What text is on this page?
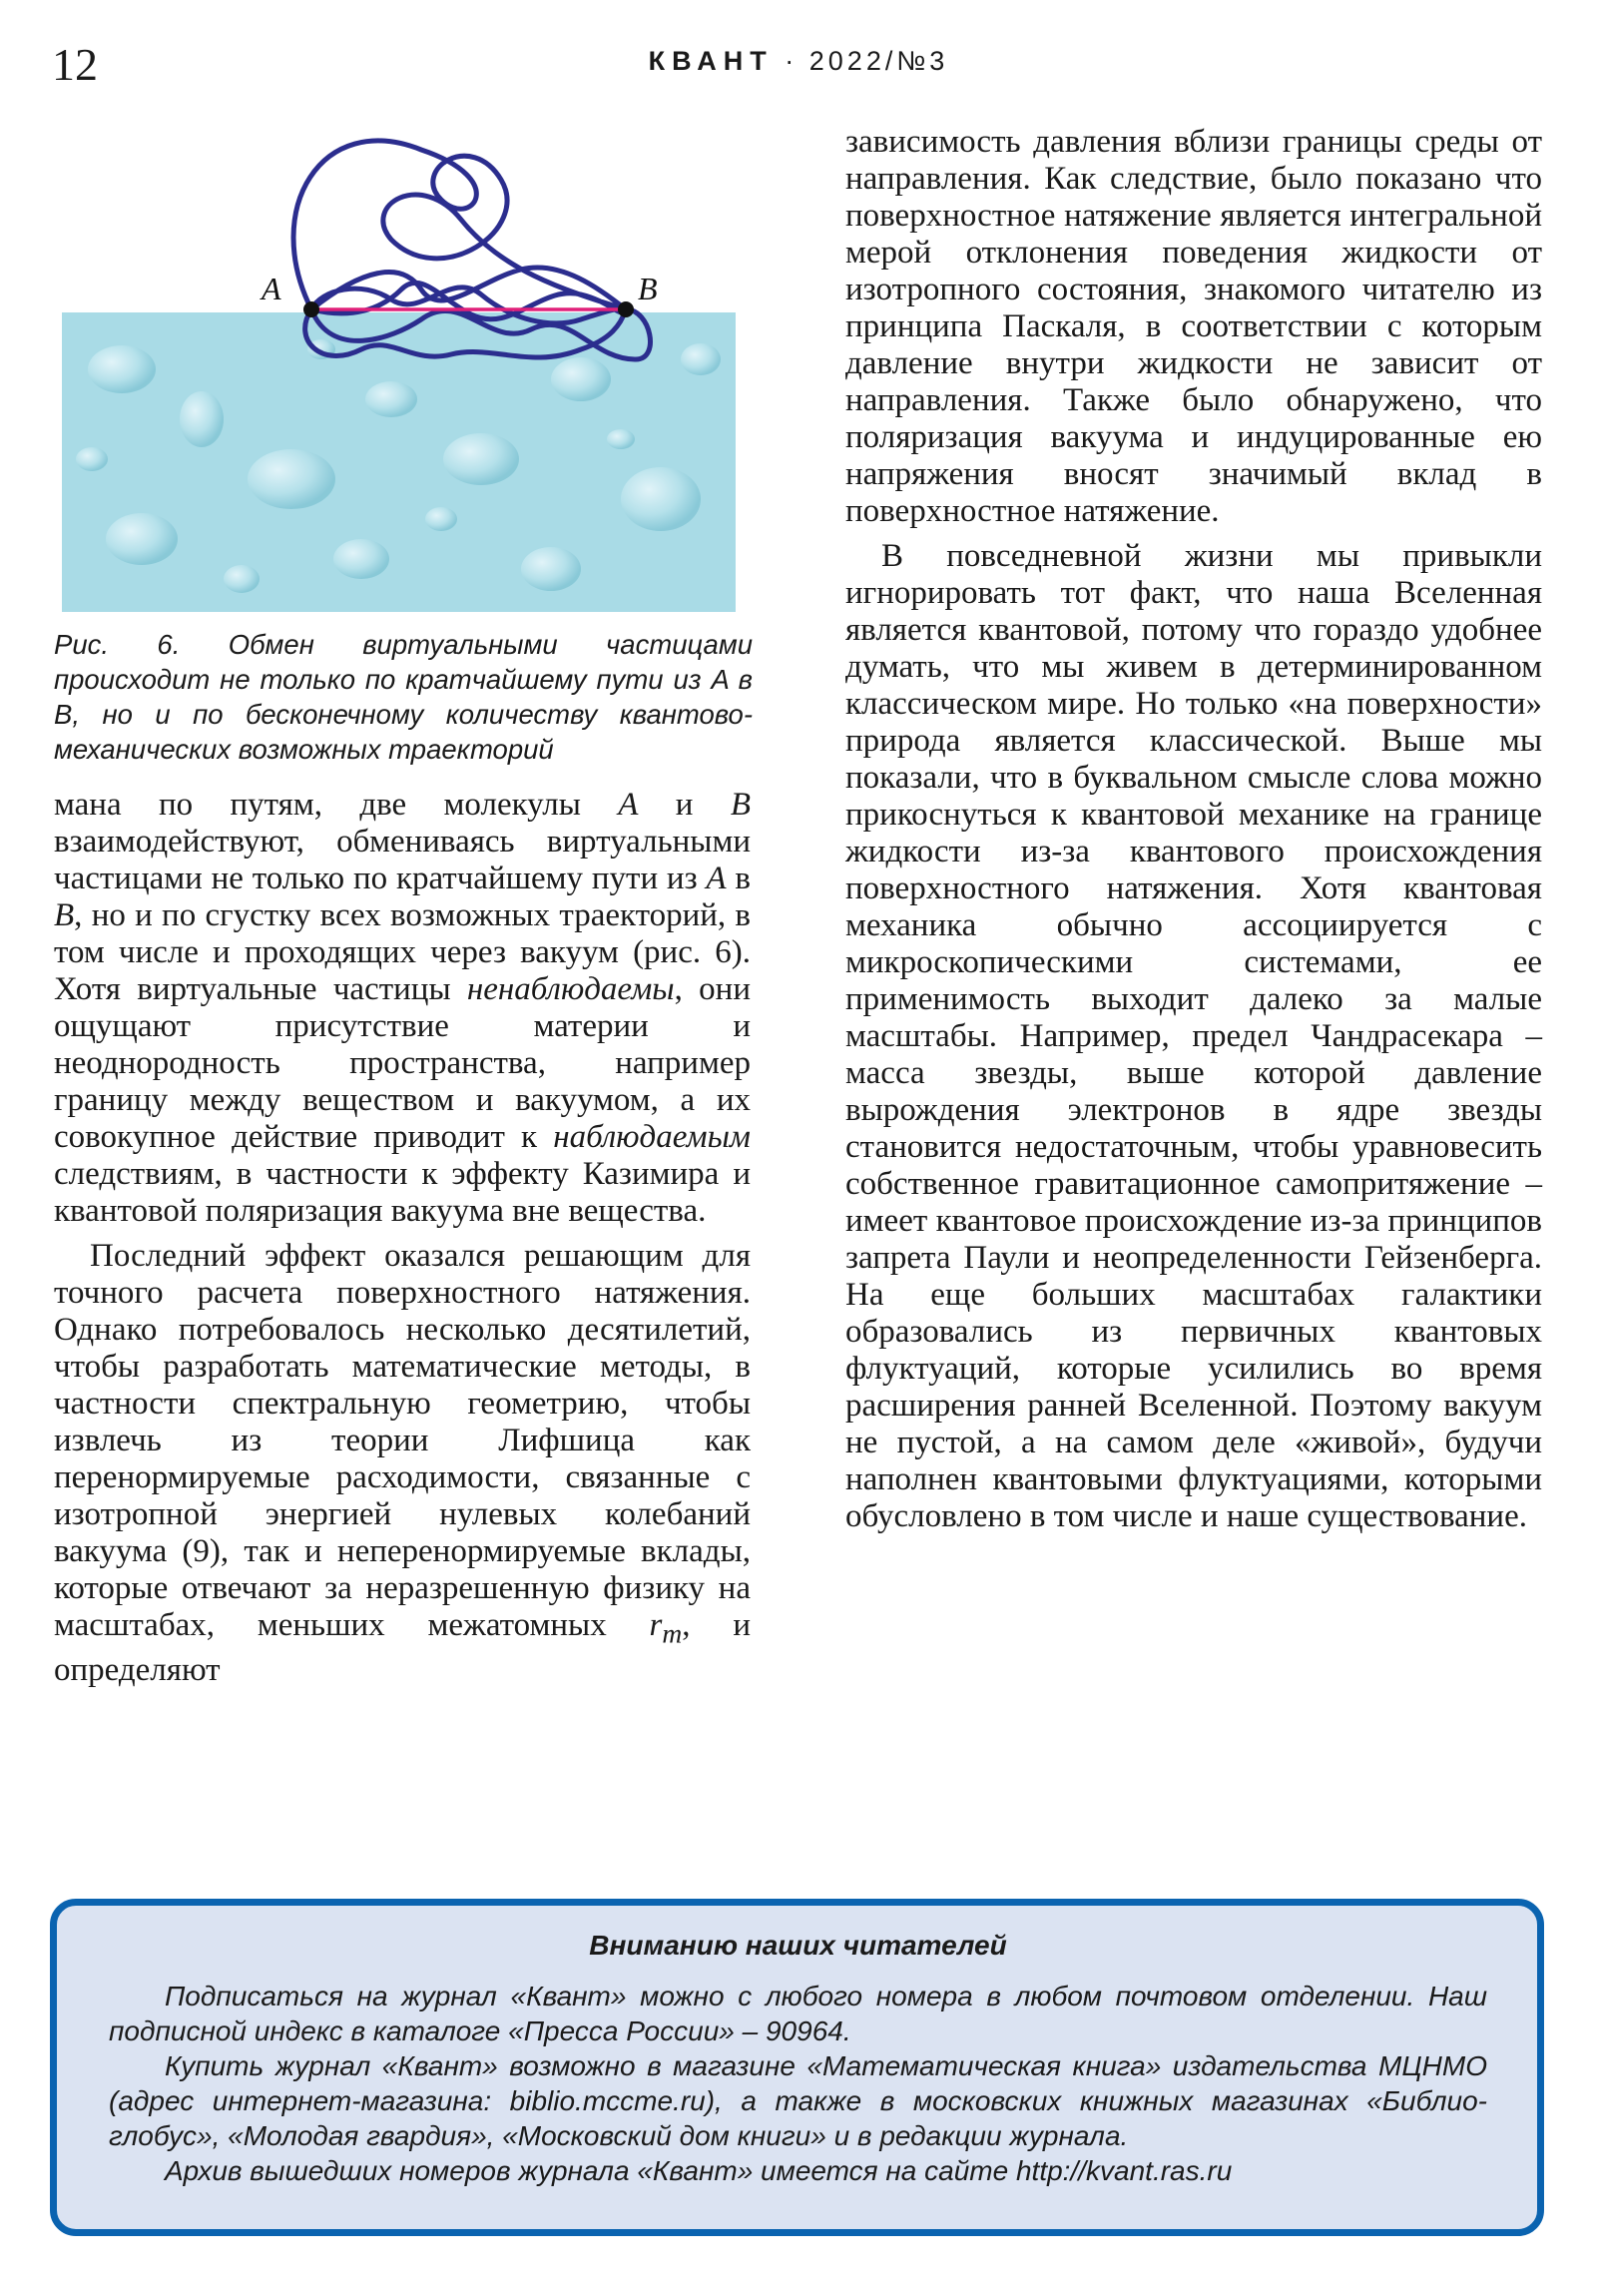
12	КВАНТ · 2022/№3
A	B
Рис. 6. Обмен виртуальными частицами происходит не только по кратчайшему пути из A в B, но и по бесконечному количеству квантово-механических возможных траекторий

мана по путям, две молекулы A и B взаимодействуют, обмениваясь виртуальными частицами не только по кратчайшему пути из A в B, но и по сгустку всех возможных траекторий, в том числе и проходящих через вакуум (рис. 6). Хотя виртуальные частицы ненаблюдаемы, они ощущают присутствие материи и неоднородность пространства, например границу между веществом и вакуумом, а их совокупное действие приводит к наблюдаемым следствиям, в частности к эффекту Казимира и квантовой поляризация вакуума вне вещества.

Последний эффект оказался решающим для точного расчета поверхностного натяжения. Однако потребовалось несколько десятилетий, чтобы разработать математические методы, в частности спектральную геометрию, чтобы извлечь из теории Лифшица как перенормируемые расходимости, связанные с изотропной энергией нулевых колебаний вакуума (9), так и неперенормируемые вклады, которые отвечают за неразрешенную физику на масштабах, меньших межатомных $r_m$, и определяют

зависимость давления вблизи границы среды от направления. Как следствие, было показано что поверхностное натяжение является интегральной мерой отклонения поведения жидкости от изотропного состояния, знакомого читателю из принципа Паскаля, в соответствии с которым давление внутри жидкости не зависит от направления. Также было обнаружено, что поляризация вакуума и индуцированные ею напряжения вносят значимый вклад в поверхностное натяжение.

В повседневной жизни мы привыкли игнорировать тот факт, что наша Вселенная является квантовой, потому что гораздо удобнее думать, что мы живем в детерминированном классическом мире. Но только «на поверхности» природа является классической. Выше мы показали, что в буквальном смысле слова можно прикоснуться к квантовой механике на границе жидкости из-за квантового происхождения поверхностного натяжения. Хотя квантовая механика обычно ассоциируется с микроскопическими системами, ее применимость выходит далеко за малые масштабы. Например, предел Чандрасекара – масса звезды, выше которой давление вырождения электронов в ядре звезды становится недостаточным, чтобы уравновесить собственное гравитационное самопритяжение – имеет квантовое происхождение из-за принципов запрета Паули и неопределенности Гейзенберга. На еще больших масштабах галактики образовались из первичных квантовых флуктуаций, которые усилились во время расширения ранней Вселенной. Поэтому вакуум не пустой, а на самом деле «живой», будучи наполнен квантовыми флуктуациями, которыми обусловлено в том числе и наше существование.

Вниманию наших читателей

Подписаться на журнал «Квант» можно с любого номера в любом почтовом отделении. Наш подписной индекс в каталоге «Пресса России» – 90964.

Купить журнал «Квант» возможно в магазине «Математическая книга» издательства МЦНМО (адрес интернет-магазина: biblio.mccme.ru), а также в московских книжных магазинах «Библио-глобус», «Молодая гвардия», «Московский дом книги» и в редакции журнала.

Архив вышедших номеров журнала «Квант» имеется на сайте http://kvant.ras.ru
